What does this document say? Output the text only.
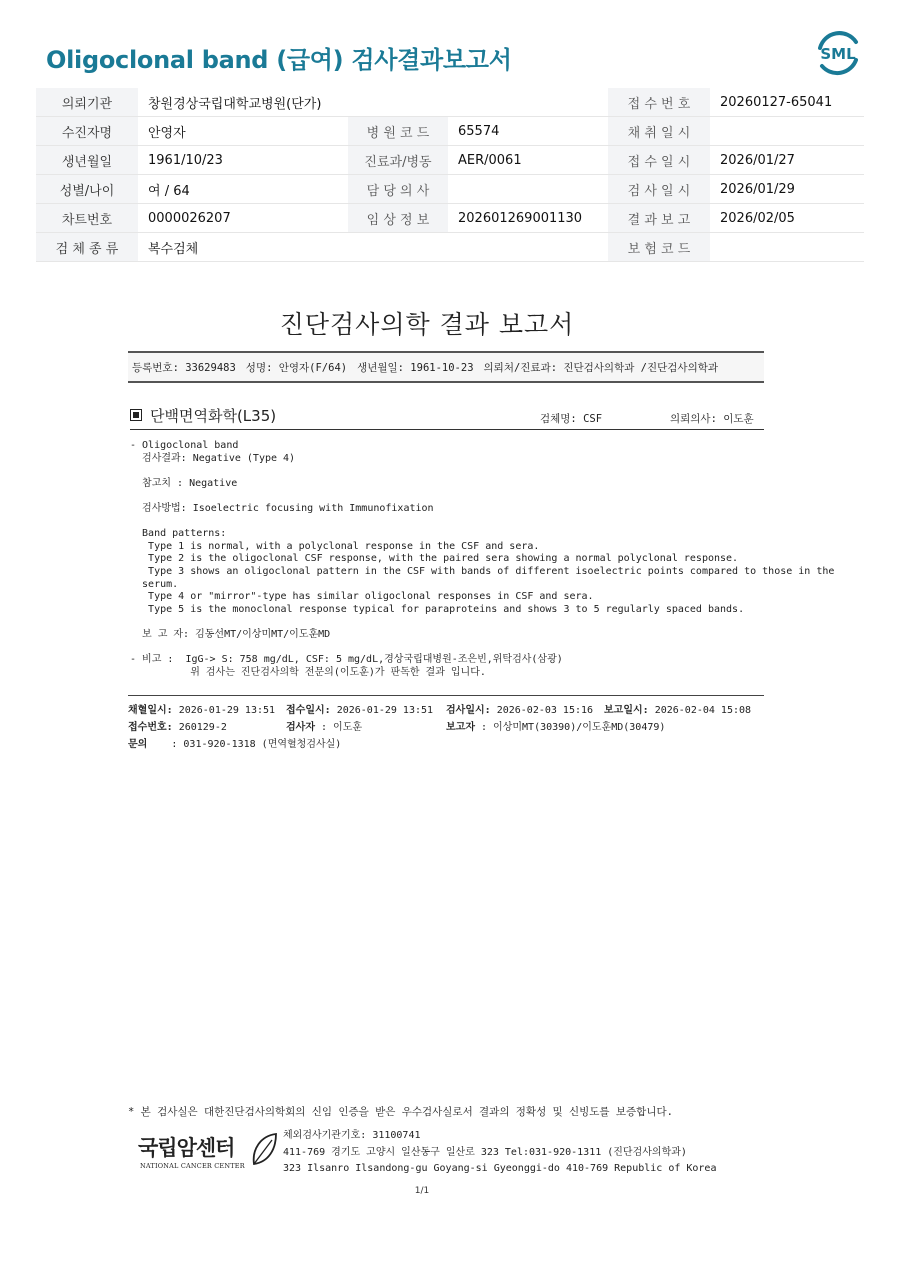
Oligoclonal band (급여) 검사결과보고서	SML
의뢰기관	창원경상국립대학교병원(단가)			접 수 번 호	20260127-65041
수진자명	안영자	병 원 코 드	65574	채 취 일 시	
생년월일	1961/10/23	진료과/병동	AER/0061	접 수 일 시	2026/01/27
성별/나이	여 / 64	담 당 의 사		검 사 일 시	2026/01/29
차트번호	0000026207	임 상 정 보	202601269001130	결 과 보 고	2026/02/05
검 체 종 류	복수검체			보 험 코 드	
진단검사의학 결과 보고서
등록번호: 33629483 성명: 안영자(F/64) 생년월일: 1961-10-23 의뢰처/진료과: 진단검사의학과 /진단검사의학과
단백면역화학(L35)	검체명: CSF	의뢰의사: 이도훈
- Oligoclonal band
검사결과: Negative (Type 4)

참고치 : Negative

검사방법: Isoelectric focusing with Immunofixation

Band patterns:
Type 1 is normal, with a polyclonal response in the CSF and sera.
Type 2 is the oligoclonal CSF response, with the paired sera showing a normal polyclonal response.
Type 3 shows an oligoclonal pattern in the CSF with bands of different isoelectric points compared to those in the
serum.
Type 4 or "mirror"-type has similar oligoclonal responses in CSF and sera.
Type 5 is the monoclonal response typical for paraproteins and shows 3 to 5 regularly spaced bands.

보 고 자: 김동선MT/이상미MT/이도훈MD

- 비고 :  IgG-> S: 758 mg/dL, CSF: 5 mg/dL,경상국립대병원-조은빈,위탁검사(삼광)
위 검사는 진단검사의학 전문의(이도훈)가 판독한 결과 입니다.
채혈일시: 2026-01-29 13:51 접수일시: 2026-01-29 13:51 검사일시: 2026-02-03 15:16 보고일시: 2026-02-04 15:08
접수번호: 260129-2	검사자 : 이도훈	보고자 : 이상미MT(30390)/이도훈MD(30479)
문의 : 031-920-1318 (면역혈청검사실)
* 본 검사실은 대한진단검사의학회의 신임 인증을 받은 우수검사실로서 결과의 정확성 및 신빙도를 보증합니다.
국립암센터
NATIONAL CANCER CENTER
체외검사기관기호: 31100741
411-769 경기도 고양시 일산동구 일산로 323 Tel:031-920-1311 (진단검사의학과)
323 Ilsanro Ilsandong-gu Goyang-si Gyeonggi-do 410-769 Republic of Korea
1/1
